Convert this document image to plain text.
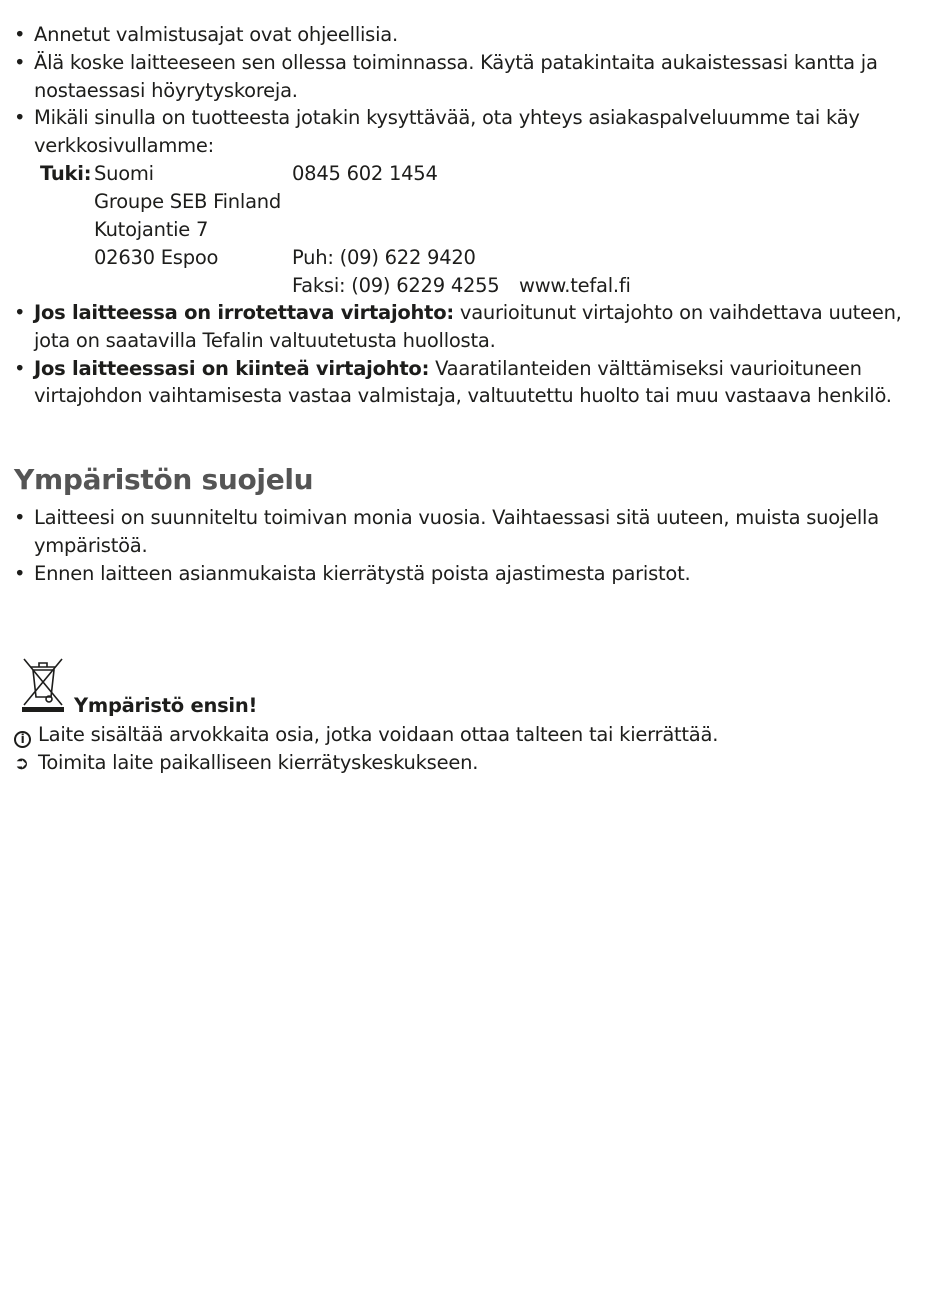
• Annetut valmistusajat ovat ohjeellisia.
• Älä koske laitteeseen sen ollessa toiminnassa. Käytä patakintaita aukaistessasi kantta ja nostaessasi höyrytyskoreja.
• Mikäli sinulla on tuotteesta jotakin kysyttävää, ota yhteys asiakaspalveluumme tai käy verkkosivullamme:
Tuki: Suomi	0845 602 1454
Groupe SEB Finland
Kutojantie 7
02630 Espoo	Puh: (09) 622 9420
Faksi: (09) 6229 4255 www.tefal.fi
• Jos laitteessa on irrotettava virtajohto: vaurioitunut virtajohto on vaihdettava uuteen, jota on saatavilla Tefalin valtuutetusta huollosta.
• Jos laitteessasi on kiinteä virtajohto: Vaaratilanteiden välttämiseksi vaurioituneen virtajohdon vaihtamisesta vastaa valmistaja, valtuutettu huolto tai muu vastaava henkilö.
Ympäristön suojelu
• Laitteesi on suunniteltu toimivan monia vuosia. Vaihtaessasi sitä uuteen, muista suojella ympäristöä.
• Ennen laitteen asianmukaista kierrätystä poista ajastimesta paristot.
Ympäristö ensin!
i Laite sisältää arvokkaita osia, jotka voidaan ottaa talteen tai kierrättää.
➲ Toimita laite paikalliseen kierrätyskeskukseen.
